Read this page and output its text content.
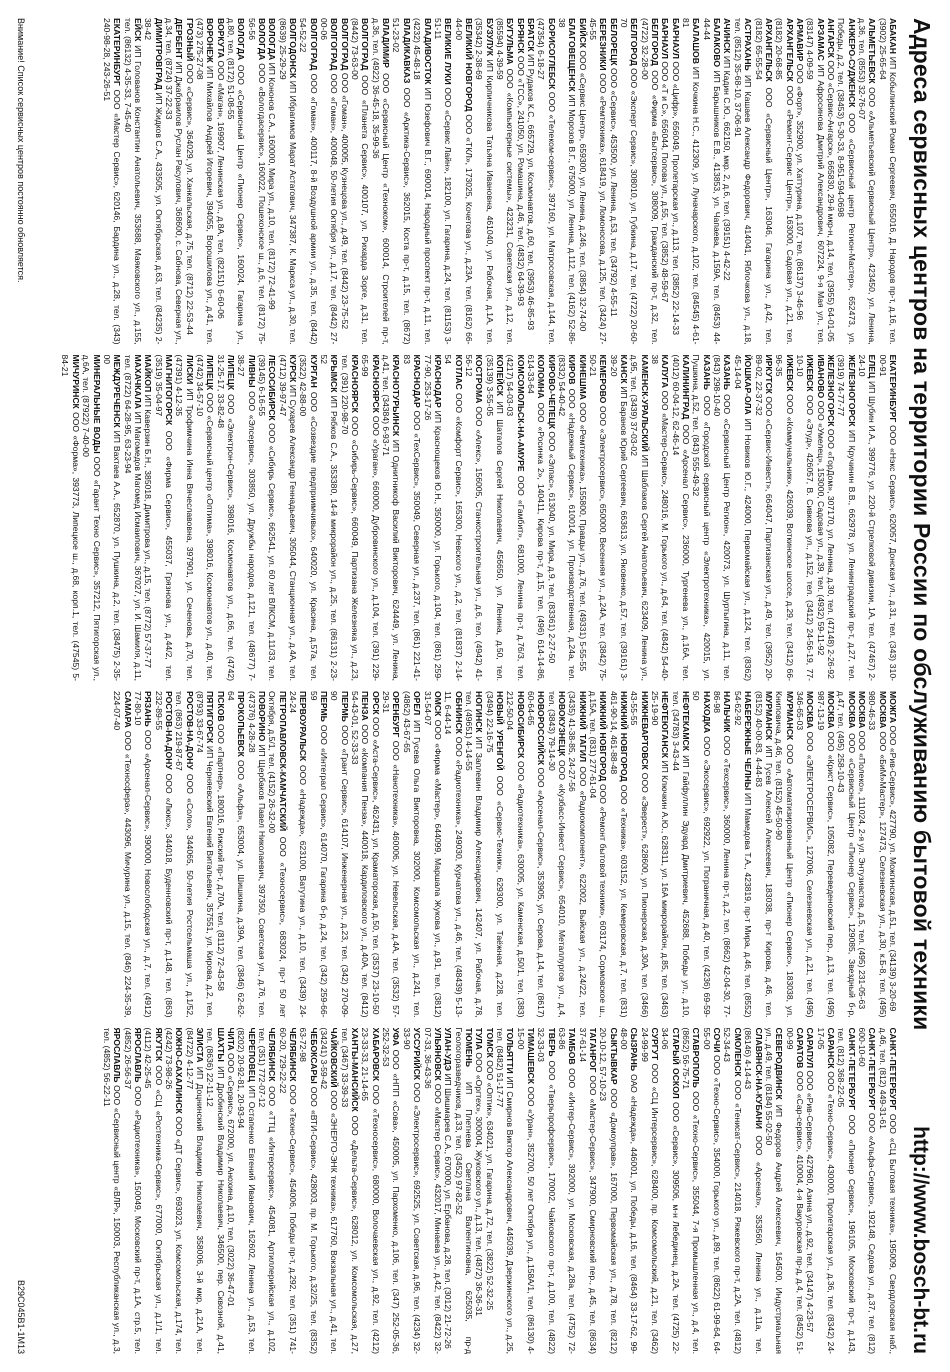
Адреса сервисных центров на территории России по обслуживанию бытовой техники
http://www.bosch-bt.ru
АБАКАН ИП Кобылинский Роман Сергеевич, 655016, Д. Народов пр-т, д.16, тел. (3902) 25-65-64
АЛЬМЕТЬЕВСК ООО «Альметьевский Сервисный Центр», 423450, ул. Ленина, д.36, тел. (8553) 32-76-07
АНЖЕРО-СУДЖЕНСК ООО «Сервисный центр Регион-Мастер», 652473, ул. Победы, д.2, тел. (38453) 5-30-33, 8-951-594-0698
АНГАРСК ООО «Сервис-Ангарск», 665830, 29-й мкр-н, д.14, тел. (3955) 64-01-05
АРЗАМАС ИП Афросинова Дмитрий Александрович, 607224, 9-я Мая ул., тел. (83147) 4-09-59
АРМАВИР ООО «Форт», 352900, ул. Хаттурина, д.107, тел. (86137) 3-46-96
АРХАНГЕЛЬСК ООО «Ремонт-Сервис Центр», 163000, Садовая ул., д.21, тел. (8182) 20-68-85
АРХАНГЕЛЬСК ООО «Сервисный Центр», 163046, Гагарина ул., д.42, тел. (8182) 65-55-54
АСТРАХАНЬ ИП Кашаев Александр Федорович, 414041, Яблочкова ул., д.18, тел. (8512) 35-68-10, 37-06-91
АЧИНСК ИП Кадин С.Ю., 662150, мкр. 2, д.6, тел. (39151) 4-42-22
БАЛАКОВО ИП Барышников Е.В., 413853, ул. Чапаева, д.159А, тел. (8453) 44-44-44
БАЛАШОВ ИП Кочкина Н.С., 412309, ул. Луначарского, д.102, тел. (84545) 4-61-81
БАРНАУЛ ООО «Цифр», 656049, Пролетарская ул., д.113, тел. (3852) 22-14-33
БАРНАУЛ ООО «Т и С», 656044, Попова ул., д.55, тел. (3852) 48-59-67
БЕЛГОРОД ООО «Фирма «Бытсервис», 308009, Гражданский пр-т, д.32, тел. (4722) 32-28-00
БЕЛГОРОД ООО «Эксперт Сервис», 308010, ул. Губкина, д.17, тел. (4722) 20-60-70
БЕЛОРЕЦК ООО «Сервис», 453500, ул. Ленина, д.53, тел. (34792) 4-55-11
БЕРЕЗНИКИ ООО «Ремтехника», 618419, ул. Ломоносова, д.125, тел. (3424) 27-45-55
БИЙСК ООО «Сервис Центр», 659300, ул. Ленина, д.246, тел. (3854) 32-74-00
БЛАГОВЕЩЕНСК ИП Морозов В.Г., 675000, ул. Ленина, д.112, тел. (4162) 52-86-38
БОРИСОГЛЕБСК ООО «Телеком-сервис», 397160, ул. Матросовская, д.144, тел. (47354) 6-18-27
БРАТСК ИП Рудаков К.С., 665729, ул. Космонавтов, д.60, тел. (3953) 46-85-93
БРЯНСК ООО «ТСС», 241050, ул. Ромашина, д.46, тел. (4832) 64-39-93
БУГУЛЬМА ООО «Компьютерные системы», 423231, Советская ул., д.12, тел. (85594) 4-39-59
БУЗУЛУК ИП Кирпичникова Татьяна Ивановна, 461040, ул. Рабочая, д.1А, тел. (35342) 2-38-69
ВЕЛИКИЙ НОВГОРОД ООО «ТКЛ», 173025, Кочетова ул., д.23А, тел. (8162) 66-44-00
ВЕЛИКИЕ ЛУКИ ООО «Сервис Лайн», 182100, ул. Гагарина, д.24, тел. (81153) 3-51-11
ВЛАДИВОСТОК ИП Юзефович В.Г., 690014, Народный проспект пр-т, д.11, тел. (4232) 45-48-18
ВЛАДИКАВКАЗ ООО «Арктика-Сервис», 362015, Коста пр-т, д.15, тел. (8672) 51-23-02
ВЛАДИМИР ООО «Сервисный Центр «Техноком», 600014, Строителей пр-т, д.36, тел. (4922) 36-45-18, 35-99-36
ВОЛГОГРАД ООО «Планета Сервис», 400107, ул. Рихарда Зорге, д.31, тел. (8442) 73-63-00
ВОЛГОГРАД ООО «Гоман», 400005, Кузнецова ул., д.49, тел. (8442) 23-75-52
ВОЛГОГРАД ООО «Гоман», 400048, 50-летия Октября ул., д.17, тел. (8442) 27-00-06
ВОЛГОГРАД ООО «Гоман», 400117, 8-й Воздушной армии ул., д.35, тел. (8442) 54-52-22
ВОЛГОДОНСК ИП Ибрагимов Марат Астагович, 347387, К. Маркса ул., д.30, тел. (8639) 25-29-29
ВОЛОГДА ИП Кононов С.А., 160000, Мира ул., д.10, тел. (8172) 72-41-99
ВОЛОГДА ООО «Вологдасервис», 160022, Пошехонское ш., д.6, тел. (8172) 75-56-56
ВОЛОГДА ООО «Сервисный Центр «Пионер Сервис», 160024, Гагарина ул., д.80, тел. (8172) 51-08-55
ВОРКУТА ООО «Маган», 169907, Ленинская ул., д.8А, тел. (82151) 6-60-06
ВОРОНЕЖ ИП Михайлов Андрей Игоревич, 394055, Ворошилова ул., д.41, тел. (473) 275-27-08
ГРОЗНЫЙ ООО «Сервис», 364029, ул. Ханкальская, д.75, тел. (8712) 22-53-44
ДЕРБЕНТ ИП Джабраилов Руслан Расулович, 368600, с. Сабнова, Северная ул., д.34, тел. (8724) 37-22-33
ДИМИТРОВГРАД ИП Жидков С.А., 433505, ул. Октябрьская, д.63, тел. (84235) 2-38-42
ЕЙСК ИП Голованов Константин Анатольевич, 353688, Маяковского ул., д.155, тел. (86132) 4-35-33, 7-45-40
ЕКАТЕРИНБУРГ ООО «Мастер Сервис», 620146, Бардина ул., д.28, тел. (343) 240-98-28, 243-26-51
ЕКАТЕРИНБУРГ ООО «Нэкс Сервис», 620057, Донская ул., д.31, тел. (343) 310-00-91
ЕЛЕЦ ИП Шубин И.А., 399776, ул. 220-й Стрелковой дивизии, 1А, тел. (47467) 2-24-10
ЖЕЛЕЗНОГОРСК ИП Кручинин В.В., 662978, ул. Ленинградский пр-т, д.27, тел. (3919) 74-77-77
ЖЕЛЕЗНОГОРСК ООО «ГорДом», 307170, ул. Ленина, д.30, тел. (47148) 2-26-92
ИВАНОВО ООО «Умелец», 153000, Садовая ул., д.39, тел. (4932) 59-11-92
ИЖЕВСК ООО «Этуд», 426057, В. Сивкова ул., д.152, тел. (3412) 24-56-19, 77-10-10
ИЖЕВСК ООО «Коммунальник», 426039, Воткинское шоссе, д.29, тел. (3412) 66-96-35
ИРКУТСК ООО «Сервис-Инвест», 664047, Партизанская ул., д.49, тел. (3952) 20-89-02, 22-37-32
ЙОШКАР-ОЛА ИП Новиков Ю.Г., 424000, Первомайская ул., д.124, тел. (8362) 45-14-04
КАЗАНЬ ООО «Сервисный Центр Регион», 420073, ул. Шуртыгина, д.11, тел. (843) 298-10-40
КАЗАНЬ ООО «Городской сервисный центр «Электротехника», 420015, ул. Пушкина, д.52, тел. (843) 555-49-32
КАЛИНИНГРАД ООО «Арсенал Сервис», 236000, Тургенева ул., д.16А, тел. (4012) 60-04-12, 62-46-14
КАЛУГА ООО «Мастер-Сервис», 248016, М. Горького ул., д.64, тел. (4842) 54-40-38
КАМЕНСК-УРАЛЬСКИЙ ИП Шаблаков Сергей Анатольевич, 623409, Ленина ул., д.95, тел. (3439) 37-03-02
КАНСК ИП Баранов Юрий Сергеевич, 663613, ул. Яковенко, д.57, тел. (39161) 3-39-20
КЕМЕРОВО ООО «Электросервис», 650000, Весенняя ул., д.24А, тел. (3842) 75-50-21
КИНЕШМА ООО «Ремтехника», 155800, Правды ул., д.76, тел. (49331) 5-55-55
КИРОВ ООО «Надежный Сервис», 610014, ул. Производственная, д.24а, тел. (8332) 54-40-42
КИРОВО-ЧЕПЕЦК ООО «Элпас», 613040, ул. Мира, д.9, тел. (83361) 2-27-50
КОЛОМНА ООО «Росинка 2», 140411, Кирова пр-т, д.15, тел. (496) 614-14-86, 614-33-64
КОМСОМОЛЬСК-НА-АМУРЕ ООО «Гамбит», 681000, Ленина пр-т, д.76/3, тел. (4217) 54-03-03
КОПЕЙСК ИП Шаталов Сергей Николаевич, 456650, ул. Ленина, д.50, тел. (35139) 3-55-05
КОСТРОМА ООО «Апекс», 156005, Станкостроительная ул., д.6, тел. (4942) 41-56-12
КОТЛАС ООО «Комфорт Сервис», 165300, Невского ул., д.2, тел. (81837) 2-14-54
КРАСНОДАР ИП Краснощеков Ю.Н., 350000, ул. Горького, д.104, тел. (861) 259-77-90, 253-17-26
КРАСНОДАР ООО «ТехСервис», 350049, Северная ул., д.237, тел. (861) 221-41-83
КРАСНОТУРЬИНСК ИП Однитникоф Василий Викторович, 624449, ул. Ленина, д.41, тел. (34384) 6-93-71
КРАСНОЯРСК ООО «Ураган», 660000, Дубровинского ул., д.104, тел. (391) 229-65-99
КРАСНОЯРСК ООО «Сибирь-Сервис», 660049, Партизана Железняка ул., д.23, тел. (391) 220-98-70
КРЫМСК ИП Рябков С.А., 353380, 14-й микрорайон ул., д.25, тел. (86131) 2-23-52
КУРГАН ООО «Созвездие предприимчивых», 640020, ул. Красина, д.57а, тел. (3522) 42-88-00
КУРСК ИП Сухарев Александр Геннадьевич, 305044, Станционная ул., д.4А, тел. (4712) 39-97-47
ЛЕСОСИБИРСК ООО «Сибирь Сервис», 662541, ул. 60 лет ВЛКСМ, д.11/33, тел. (39145) 6-16-55
ЛИВНЫ ООО «Элсервис», 303850, ул. Дружбы народов, д.121, тел. (48677) 7-38-27
ЛИПЕЦК ООО «Электрон-Сервис», 398016, Космонавтов ул., д.66, тел. (4742) 31-25-17, 33-82-48
ЛИПЕЦК ООО «Сервисный центр «Оптима», 398016, Космонавтов ул., д.40, тел. (4742) 34-57-10
ЛИСКИ ИП Трофимчина Инна Вячеславовна, 397901, ул. Сеченова, д.70, тел. (47391) 4-12-35
МАГНИТОГОРСК ООО «Фирма Сервис», 455037, Грязнова ул., д.44/2, тел. (3519) 35-04-97
МАЙКОП ИП Каверзин Б.Н., 385018, Димитрова ул., д.15, тел. (8772) 57-37-77
МАХАЧКАЛА ИП Магомедов Магомед Исмаилович, 367027, ул. И. Шамиля, д.11, тел. (8722) 64-28-95, 63-23-94
МЕЖДУРЕЧЕНСК ИП Вахтаев А.А., 652870, ул. Пушкина, д.2, тел. (38475) 2-35-00
МИНЕРАЛЬНЫЕ ВОДЫ ООО «Гарант Техно Сервис», 357212, Пятигорская ул., д.6А, тел. (87922) 7-40-00
МИЧУРИНСК ООО «Форма», 393773, Липецкое ш., д.68, корп.1, тел. (47545) 5-84-21
МОЖГА ООО «Рив-Сервис», 427790, ул. Можгинская, д.51, тел. (34139) 3-20-69
МОСКВА ООО «БиМ»Мастер», 127473, Селезневская ул., д.30, к.Б-8, тел. (495) 980-46-33
МОСКВА ООО «Полеко», 111024, 2-я ул. Энтузиастов, д.5, тел. (495) 231-05-63
МОСКВА ООО «Сервисный Центр «Пионер Сервис», 129085, Звездный б-р, д.47, тел. (495) 258-10-43
МОСКВА ООО «Крист Сервис», 105082, Переведеновский пер., д.13, тел. (495) 987-13-19
МОСКВА ООО «ЭЛЕКТРОСЕРВИС», 127006, Селезневская ул., д.21, тел. (495) 346-65-03
МУРМАНСК ООО «Автоматизированный Центр «Пионер Сервис», 183038, ул. Книповича, д.46, тел. (8152) 45-50-90
МУРМАНСК ИП Гусев Алексей Алексеевич, 183038, пр-т Кирова, д.46, тел. (8152) 40-00-83, 4-44-83
НАБЕРЕЖНЫЕ ЧЕЛНЫ ИП Мамедова Т.А., 423819, пр-т Мира, д.46, тел. (8552) 54-62-92
НАЛЬЧИК ООО «Техсервис», 360000, Ленина пр-т, д.2, тел. (8662) 42-04-30, 77-86-98
НАХОДКА ООО «Экосервис», 692922, ул. Пограничная, д.40, тел. (4236) 69-59-50
НЕФТЕКАМСК ИП Гайфуллин Эдуард Дмитриевич, 452688, Победы ул., д.10, тел. (34783) 3-43-44
НЕФТЕЮГАНСК ИП Ключкин А.Ю., 628311, ул. 16А микрорайон, д.85, тел. (3463) 25-19-90
НИЖНЕВАРТОВСК ООО «Эверест», 628600, ул. Пионерская, д.30А, тел. (3466) 43-55-55
НИЖНИЙ НОВГОРОД ООО «Техника», 603152, ул. Кемеровская, д.7, тел. (831) 461-90-14, 461-88-48
НИЖНИЙ НОВГОРОД ООО «Ремонт бытовой техники», 603174, Сормовское ш., д.15А, тел. (831) 277-61-04
НИЖНИЙ ТАГИЛ ООО «Радиокомпонент», 622002, Выйская ул., д.24/22, тел. (3435) 41-38-85, 24-27-56
НОВОКУЗНЕЦК ООО «Кузбасс-Инвест Сервис», 654010, Металлургов ул., д.4, тел. (3843) 79-14-30
НОВОРОССИЙСК ООО «Арсенал-Сервис», 353905, ул. Серова, д.14, тел. (8617) 60-64-65
НОВОСИБИРСК ООО «Радиотехника», 630005, ул. Каменская, д.50/1, тел. (383) 212-50-04
НОВЫЙ УРЕНГОЙ ООО «Сервис-Техник», 629300, ул. Таёжная, д.228, тел. (3494) 22-16-75
НОГИНСК ИП Заплевин Владимир Александрович, 142407, ул. Рабочая, д.78, тел. (49651) 4-14-55
ОБНИНСК ООО «Радиотехника», 249030, Курчатова ул., д.46, тел. (48439) 5-13-11, 6-44-14
ОМСК ООО «Фирма «Мастер», 644099, Маршала Жукова ул., д.91, тел. (3812) 31-54-07
ОРЕЛ ИП Гусева Ольга Викторовна, 302000, Комсомольская ул., д.241, тел. (4862) 43-67-65
ОРЕНБУРГ ООО «Нанотехника», 460006, ул. Невельская, д.4А, тел. (3532) 57-29-31
ОРСК ООО «Аста-Сервис», 462431, ул. Краматорская, д.50, тел. (3537) 23-10-50
ПЕНЗА ООО «Компания Пенза», 440018, Кардиловского ул., д.40А, тел. (8412) 54-43-01, 52-33-33
ПЕРМЬ ООО «Грант Сервис», 614107, Инженерная ул., д.23, тел. (342) 270-09-90
ПЕРМЬ ООО «Интеграл Сервис», 614070, Гагарина б-р, д.24, тел. (342) 259-66-59
ПЕРВОУРАЛЬСК ООО «Надежда», 623100, Ватутина ул., д.10, тел. (3439) 24-24-24
ПЕТРОПАВЛОВСК-КАМЧАТСКИЙ ООО «Техносервис», 683024, пр-т 50 лет Октября, д.5/1, тел. (4152) 26-32-00
ПОВОРИНО ИП Щербаков Павел Николаевич, 397350, Советская ул., д.76, тел. (47376) 4-28-28
ПРОКОПЬЕВСК ООО «Альфа», 653004, ул. Шишкина, д.39А, тел. (3846) 62-62-64
ПСКОВ ООО «Партнер», 180016, Рижский пр-т, д.70А, тел. (8112) 72-43-58
ПЯТИГОРСК ИП Черняевский Евгений Витальевич, 357551, ул. Кирова, д.2, тел. (8793) 33-67-74
РОСТОВ-НА-ДОНУ ООО «Соло», 344065, 50-летия Ростсельмаша ул., д.1/52, тел. (863) 219-87-67
РОСТОВ-НА-ДОНУ ООО «Люкс», 344018, Буденновский пр-т, д.148, тел. (863) 232-89-55
РЯЗАНЬ ООО «Арсенал-Сервис», 390000, Новослободская ул., д.7, тел. (4912) 77-80-10
САМАРА ООО «Техносфера», 443096, Мичурина ул., д.15, тел. (846) 224-35-39, 224-07-40
САНКТ-ПЕТЕРБУРГ ООО «СЦ Бытовая техника», 195009, Свердловская наб., д.46, тел. (812) 449-31-61
САНКТ-ПЕТЕРБУРГ ООО «Альфа-Сервис», 192148, Седова ул., д.37, тел. (812) 600-10-60
САНКТ-ПЕТЕРБУРГ ООО «Пионер Сервис», 196105, Московский пр-т, д.143, тел. (812) 368-22-05
САРАНСК ООО «Техно-Сервис», 430000, Пролетарская ул., д.36, тел. (8342) 24-17-05
САРАПУЛ ООО «Рив-Сервис», 427960, Азина ул., д.92, тел. (34147) 4-23-57
САРАТОВ ООО «Сар-сервис», 410004, 4-я Вакуровская пр-д, д.4, тел. (8452) 51-00-99
СЕВЕРОДВИНСК ИП Федоров Андрей Алексеевич, 164500, Индустриальная ул., д.49, тел. (8184) 55-02-50
СЛАВЯНСК-НА-КУБАНИ ООО «Арсенал», 353560, Ленина ул., д.11а, тел. (86146) 4-14-43
СМОЛЕНСК ООО «Тенисат-Сервис», 214018, Ряжевского пр-т, д.2А, тел. (4812) 52-34-43
СОЧИ ООО «Техно-Сервис», 354000, Горького ул., д.89, тел. (8622) 61-99-64, 64-55-00
СТАВРОПОЛЬ ООО «Техно-Сервис», 355044, 7-я Промышленная ул., д.4, тел. (8652) 56-75-71
СТАРЫЙ ОСКОЛ ООО «Сервис», 309506, м-н Лебединец, д.2А, тел. (4725) 22-34-06
СУРГУТ ООО «СЦ Интерсервис», 628400, пр. Комсомольский, д.21, тел. (3462) 24-99-99
СЫЗРАНЬ ОАО «Надежда», 446001, ул. Победы, д.16, тел. (8464) 33-17-62, 99-48-00
СЫКТЫВКАР ООО «Домоуправ», 167000, Первомайская ул., д.78, тел. (8212) 20-10-12, 57-10-23
ТАГАНРОГ ООО «Мастер-Сервис», 347900, Смирновский пер., д.45, тел. (8634) 37-61-14
ТАМБОВ ООО «Интер-Сервис», 392000, ул. Московская, д.28а, тел. (4752) 72-63-86
ТВЕРЬ ООО «Тверьпрофсервис», 170002, Чайковского пр-т, д.100, тел. (4822) 32-33-03
ТИМАШЕВСК ООО «Уран», 352700, 50 лет Октября ул., д.158А/1, тел. (86130) 4-15-00
ТОЛЬЯТТИ ИП Смирнов Виктор Александрович, 445039, Дзержинского ул., д.25, тел. (8482) 51-17-77
ТОМСК ООО «Оптик», 634021, ул. Гагарина, д.72, тел. (3822) 52-32-25
ТУЛА ООО «Оргтех», 300004, Жуковского ул., д.13, тел. (4872) 36-36-31
ТЮМЕНЬ ИП Плетнева Светлана Валентиновна, 625035, пр-д Геологоразведчиков, д.33, тел. (3452) 97-82-52
УЛАН-УДЭ ИП Шишмарев С.А., 670000, ул. Ербанова, д.28, тел. (3012) 21-72-26
УЛЬЯНОВСК ООО «Мастер Сервис», 432017, Минаева ул., д.42, тел. (8422) 32-07-33, 36-43-36
УССУРИЙСК ООО «Электросервис», 692525, ул. Советская, д.96, тел. (4234) 32-33-90
УФА ООО «НПП «Сова», 450005, ул. Пархоменко, д.106, тел. (347) 252-05-36, 252-32-53
ХАБАРОВСК ООО «Техносервис», 680000, Волочаевская ул., д.92, тел. (4212) 23-33-33, 21-14-65
ХАНТЫ-МАНСИЙСК ООО «Дельта-Сервис», 628012, ул. Комсомольская, д.27, тел. (3467) 33-39-33
ЧАЙКОВСКИЙ ООО «ЭНЕРГО-ЭНК техника», 617760, Вокзальная ул., д.41, тел. (34241) 3-59-42
ЧЕБОКСАРЫ ООО «ВТИ-Сервис», 428003, пр. М. Горького, д.32/25, тел. (8352) 63-72-98
ЧЕЛЯБИНСК ООО «Техно-Сервис», 454006, Победы пр-т, д.292, тел. (351) 741-60-20, 729-22-22
ЧЕЛЯБИНСК ООО «ТТЦ «Интерсервис», 454081, Артиллерийская ул., д.102, тел. (351) 772-07-12
ЧЕРЕПОВЕЦ ИП Остапенко Евгений Иванович, 162602, Ленина ул., д.53, тел. (8202) 20-92-81, 20-93-94
ЧИТА ООО «Сервис», 672000, ул. Анохина, д.10, тел. (3022) 36-47-01
ШАХТЫ ИП Дробинский Владимир Николаевич, 346500, пер. Сквозной, д.41, тел. (8636) 22-11-12
ЭЛИСТА ИП Доцнинский Владимир Николаевич, 358006, 3-й мкр, д.21А, тел. (84722) 4-12-77
ЮЖНО-САХАЛИНСК ООО «ДТ Сервис», 693023, ул. Комсомольская, д.174, тел. (4242) 73-98-26
ЯКУТСК ООО «СЦ «Ростехника-Сервис», 677000, Октябрьская ул., д.1/1, тел. (4112) 42-25-45
ЯРОСЛАВЛЬ ООО «Радиотехника», 150049, Московский пр-т, д.1А, стр.5, тел. (4852) 26-56-37
ЯРОСЛАВЛЬ ООО «Сервисный центр «ВЛР», 150003, Республиканская ул., д.3, тел. (4852) 56-22-11
Внимание! Список сервисных центров постоянно обновляется.
B29C045B1-1M13
